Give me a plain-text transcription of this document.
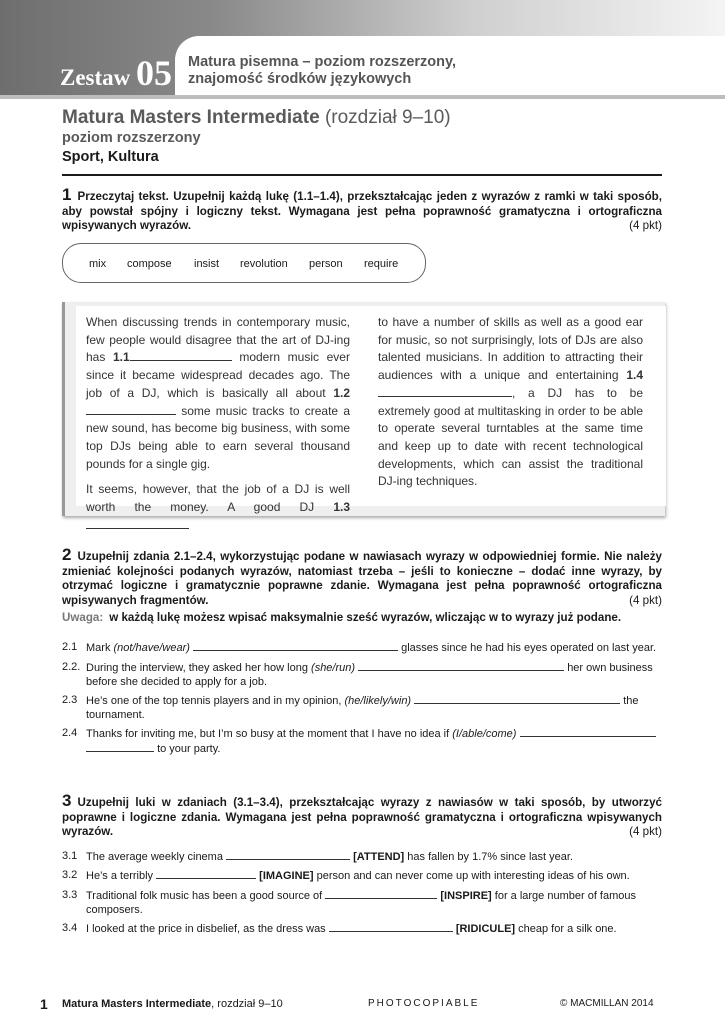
Zestaw 05 Matura pisemna – poziom rozszerzony,
znajomość środków językowych
Matura Masters Intermediate (rozdział 9–10)
poziom rozszerzony
Sport, Kultura
1 Przeczytaj tekst. Uzupełnij każdą lukę (1.1–1.4), przekształcając jeden z wyrazów z ramki w taki sposób, aby powstał spójny i logiczny tekst. Wymagana jest pełna poprawność gramatyczna i ortograficzna wpisywanych wyrazów.	(4 pkt)
mix compose insist revolution person require

When discussing trends in contemporary music, few people would disagree that the art of DJ-ing has 1.1	modern music ever since it became widespread decades ago. The job of a DJ, which is basically all about 1.2 some music tracks to create a new sound, has become big business, with some top DJs being able to earn several thousand pounds for a single gig.

It seems, however, that the job of a DJ is well worth the money. A good DJ 1.3

to have a number of skills as well as a good ear for music, so not surprisingly, lots of DJs are also talented musicians. In addition to attracting their audiences with a unique and entertaining 1.4, a DJ has to be extremely good at multitasking in order to be able to operate several turntables at the same time and keep up to date with recent technological developments, which can assist the traditional DJ-ing techniques.

2 Uzupełnij zdania 2.1–2.4, wykorzystując podane w nawiasach wyrazy w odpowiedniej formie. Nie należy zmieniać kolejności podanych wyrazów, natomiast trzeba – jeśli to konieczne – dodać inne wyrazy, by otrzymać logiczne i gramatycznie poprawne zdanie. Wymagana jest pełna poprawność ortograficzna wpisywanych fragmentów.	(4 pkt)
Uwaga: w każdą lukę możesz wpisać maksymalnie sześć wyrazów, wliczając w to wyrazy już podane.
2.1 Mark (not/have/wear)	glasses since he had his eyes operated on last year.
2.2. During the interview, they asked her how long (she/run)	her own business before she decided to apply for a job.
2.3 He’s one of the top tennis players and in my opinion, (he/likely/win)	the tournament.
2.4 Thanks for inviting me, but I’m so busy at the moment that I have no idea if (I/able/come)   to your party.
3 Uzupełnij luki w zdaniach (3.1–3.4), przekształcając wyrazy z nawiasów w taki sposób, by utworzyć poprawne i logiczne zdania. Wymagana jest pełna poprawność gramatyczna i ortograficzna wpisywanych wyrazów.	(4 pkt)
3.1 The average weekly cinema	[ATTEND] has fallen by 1.7% since last year.
3.2 He’s a terribly	[IMAGINE] person and can never come up with interesting ideas of his own.
3.3 Traditional folk music has been a good source of	[INSPIRE] for a large number of famous composers.
3.4 I looked at the price in disbelief, as the dress was	[RIDICULE] cheap for a silk one.
1 Matura Masters Intermediate, rozdział 9–10	PHOTOCOPIABLE	© MACMILLAN 2014
